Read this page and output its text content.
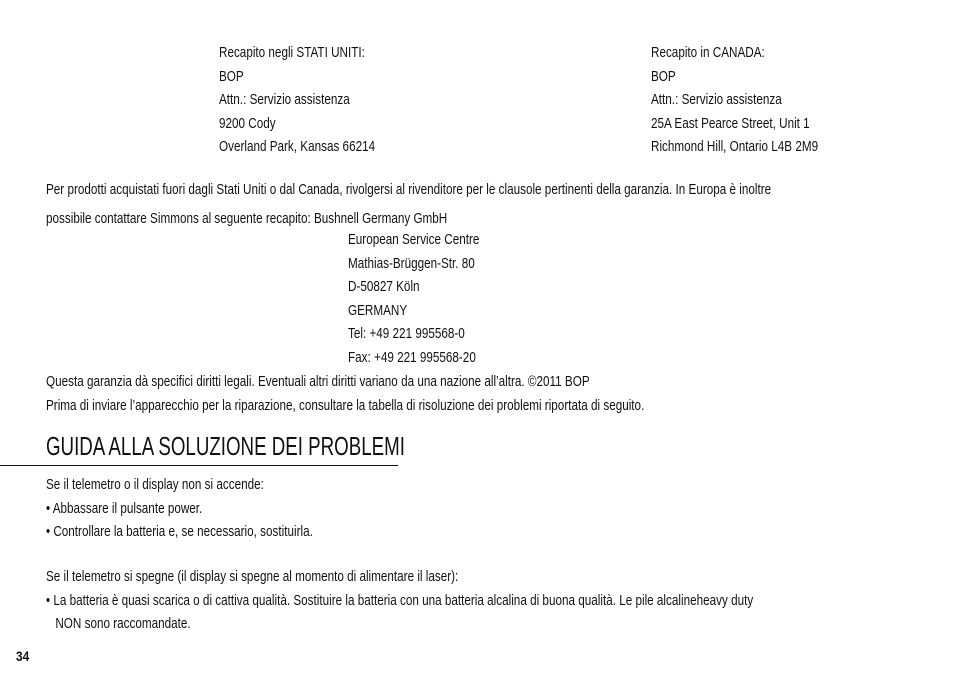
Recapito negli STATI UNITI:
BOP
Attn.: Servizio assistenza
9200 Cody
Overland Park, Kansas 66214
Recapito in CANADA:
BOP
Attn.: Servizio assistenza
25A East Pearce Street, Unit 1
Richmond Hill, Ontario L4B 2M9
Per prodotti acquistati fuori dagli Stati Uniti o dal Canada, rivolgersi al rivenditore per le clausole pertinenti della garanzia. In Europa è inoltre
possibile contattare Simmons al seguente recapito: Bushnell Germany GmbH
European Service Centre
Mathias-Brüggen-Str. 80
D-50827 Köln
GERMANY
Tel: +49 221 995568-0
Fax: +49 221 995568-20
Questa garanzia dà specifici diritti legali. Eventuali altri diritti variano da una nazione all’altra. ©2011 BOP
Prima di inviare l’apparecchio per la riparazione, consultare la tabella di risoluzione dei problemi riportata di seguito.
GUIDA ALLA SOLUZIONE DEI PROBLEMI
Se il telemetro o il display non si accende:
• Abbassare il pulsante power.
• Controllare la batteria e, se necessario, sostituirla.
Se il telemetro si spegne (il display si spegne al momento di alimentare il laser):
• La batteria è quasi scarica o di cattiva qualità. Sostituire la batteria con una batteria alcalina di buona qualità. Le pile alcalineheavy duty
NON sono raccomandate.
34
